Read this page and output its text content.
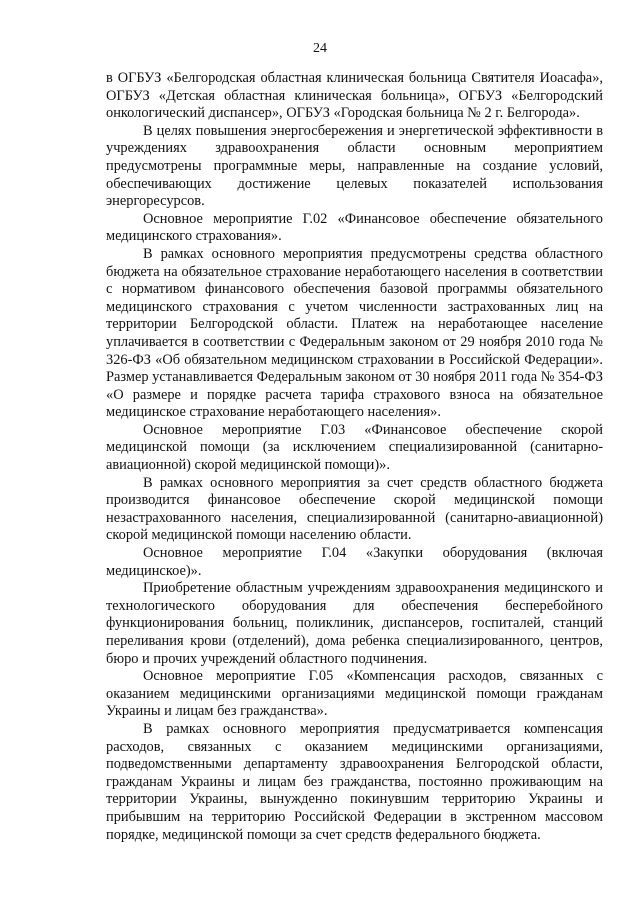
24

в ОГБУЗ «Белгородская областная клиническая больница Святителя Иоасафа», ОГБУЗ «Детская областная клиническая больница», ОГБУЗ «Белгородский онкологический диспансер», ОГБУЗ «Городская больница № 2 г. Белгорода».

В целях повышения энергосбережения и энергетической эффективности в учреждениях здравоохранения области основным мероприятием предусмотрены программные меры, направленные на создание условий, обеспечивающих достижение целевых показателей использования энергоресурсов.

Основное мероприятие Г.02 «Финансовое обеспечение обязательного медицинского страхования».

В рамках основного мероприятия предусмотрены средства областного бюджета на обязательное страхование неработающего населения в соответствии с нормативом финансового обеспечения базовой программы обязательного медицинского страхования с учетом численности застрахованных лиц на территории Белгородской области. Платеж на неработающее население уплачивается в соответствии с Федеральным законом от 29 ноября 2010 года № 326-ФЗ «Об обязательном медицинском страховании в Российской Федерации». Размер устанавливается Федеральным законом от 30 ноября 2011 года № 354-ФЗ «О размере и порядке расчета тарифа страхового взноса на обязательное медицинское страхование неработающего населения».

Основное мероприятие Г.03 «Финансовое обеспечение скорой медицинской помощи (за исключением специализированной (санитарно-авиационной) скорой медицинской помощи)».

В рамках основного мероприятия за счет средств областного бюджета производится финансовое обеспечение скорой медицинской помощи незастрахованного населения, специализированной (санитарно-авиационной) скорой медицинской помощи населению области.

Основное мероприятие Г.04 «Закупки оборудования (включая медицинское)».

Приобретение областным учреждениям здравоохранения медицинского и технологического оборудования для обеспечения бесперебойного функционирования больниц, поликлиник, диспансеров, госпиталей, станций переливания крови (отделений), дома ребенка специализированного, центров, бюро и прочих учреждений областного подчинения.

Основное мероприятие Г.05 «Компенсация расходов, связанных с оказанием медицинскими организациями медицинской помощи гражданам Украины и лицам без гражданства».

В рамках основного мероприятия предусматривается компенсация расходов, связанных с оказанием медицинскими организациями, подведомственными департаменту здравоохранения Белгородской области, гражданам Украины и лицам без гражданства, постоянно проживающим на территории Украины, вынужденно покинувшим территорию Украины и прибывшим на территорию Российской Федерации в экстренном массовом порядке, медицинской помощи за счет средств федерального бюджета.
